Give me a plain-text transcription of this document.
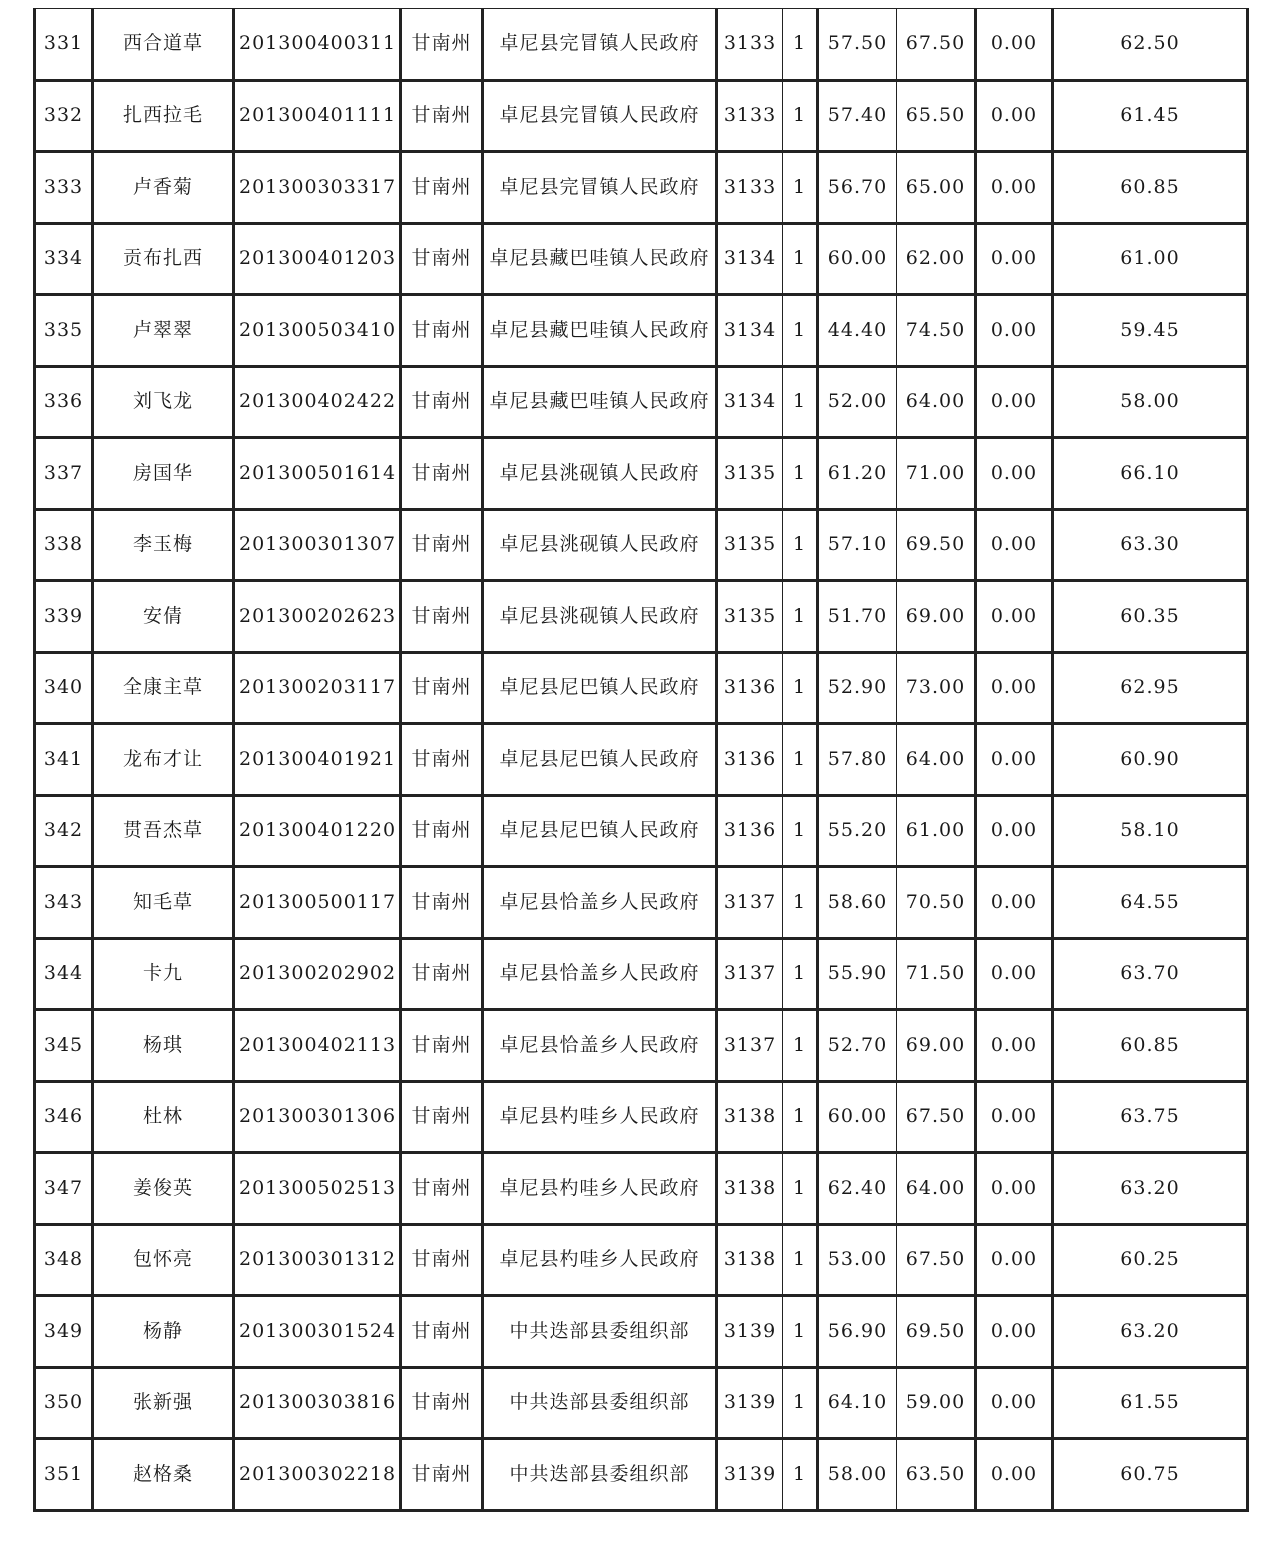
331	西合道草	201300400311	甘南州	卓尼县完冒镇人民政府	3133	1	57.50	67.50	0.00	62.50
332	扎西拉毛	201300401111	甘南州	卓尼县完冒镇人民政府	3133	1	57.40	65.50	0.00	61.45
333	卢香菊	201300303317	甘南州	卓尼县完冒镇人民政府	3133	1	56.70	65.00	0.00	60.85
334	贡布扎西	201300401203	甘南州	卓尼县藏巴哇镇人民政府	3134	1	60.00	62.00	0.00	61.00
335	卢翠翠	201300503410	甘南州	卓尼县藏巴哇镇人民政府	3134	1	44.40	74.50	0.00	59.45
336	刘飞龙	201300402422	甘南州	卓尼县藏巴哇镇人民政府	3134	1	52.00	64.00	0.00	58.00
337	房国华	201300501614	甘南州	卓尼县洮砚镇人民政府	3135	1	61.20	71.00	0.00	66.10
338	李玉梅	201300301307	甘南州	卓尼县洮砚镇人民政府	3135	1	57.10	69.50	0.00	63.30
339	安倩	201300202623	甘南州	卓尼县洮砚镇人民政府	3135	1	51.70	69.00	0.00	60.35
340	全康主草	201300203117	甘南州	卓尼县尼巴镇人民政府	3136	1	52.90	73.00	0.00	62.95
341	龙布才让	201300401921	甘南州	卓尼县尼巴镇人民政府	3136	1	57.80	64.00	0.00	60.90
342	贯吾杰草	201300401220	甘南州	卓尼县尼巴镇人民政府	3136	1	55.20	61.00	0.00	58.10
343	知毛草	201300500117	甘南州	卓尼县恰盖乡人民政府	3137	1	58.60	70.50	0.00	64.55
344	卡九	201300202902	甘南州	卓尼县恰盖乡人民政府	3137	1	55.90	71.50	0.00	63.70
345	杨琪	201300402113	甘南州	卓尼县恰盖乡人民政府	3137	1	52.70	69.00	0.00	60.85
346	杜林	201300301306	甘南州	卓尼县杓哇乡人民政府	3138	1	60.00	67.50	0.00	63.75
347	姜俊英	201300502513	甘南州	卓尼县杓哇乡人民政府	3138	1	62.40	64.00	0.00	63.20
348	包怀亮	201300301312	甘南州	卓尼县杓哇乡人民政府	3138	1	53.00	67.50	0.00	60.25
349	杨静	201300301524	甘南州	中共迭部县委组织部	3139	1	56.90	69.50	0.00	63.20
350	张新强	201300303816	甘南州	中共迭部县委组织部	3139	1	64.10	59.00	0.00	61.55
351	赵格桑	201300302218	甘南州	中共迭部县委组织部	3139	1	58.00	63.50	0.00	60.75
